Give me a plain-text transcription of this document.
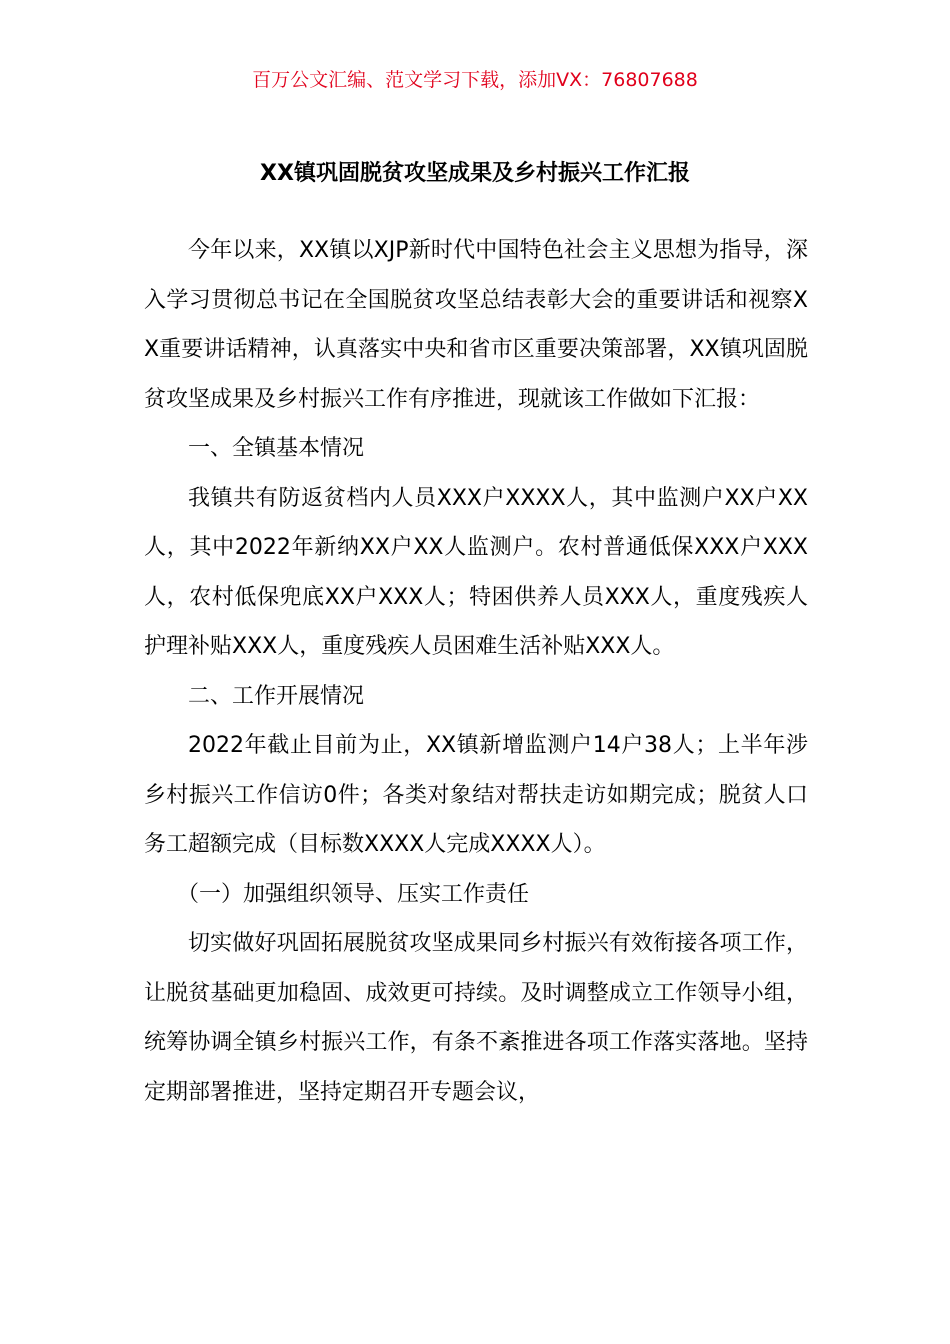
百万公文汇编、范文学习下载，添加VX：76807688
XX镇巩固脱贫攻坚成果及乡村振兴工作汇报

今年以来，XX镇以XJP新时代中国特色社会主义思想为指导，深入学习贯彻总书记在全国脱贫攻坚总结表彰大会的重要讲话和视察XX重要讲话精神，认真落实中央和省市区重要决策部署，XX镇巩固脱贫攻坚成果及乡村振兴工作有序推进，现就该工作做如下汇报：

一、全镇基本情况

我镇共有防返贫档内人员XXX户XXXX人，其中监测户XX户XX人，其中2022年新纳XX户XX人监测户。农村普通低保XXX户XXX人，农村低保兜底XX户XXX人；特困供养人员XXX人，重度残疾人护理补贴XXX人，重度残疾人员困难生活补贴XXX人。

二、工作开展情况

2022年截止目前为止，XX镇新增监测户14户38人；上半年涉乡村振兴工作信访0件；各类对象结对帮扶走访如期完成；脱贫人口务工超额完成（目标数XXXX人完成XXXX人）。

（一）加强组织领导、压实工作责任

切实做好巩固拓展脱贫攻坚成果同乡村振兴有效衔接各项工作，让脱贫基础更加稳固、成效更可持续。及时调整成立工作领导小组，统筹协调全镇乡村振兴工作，有条不紊推进各项工作落实落地。坚持定期部署推进，坚持定期召开专题会议，
